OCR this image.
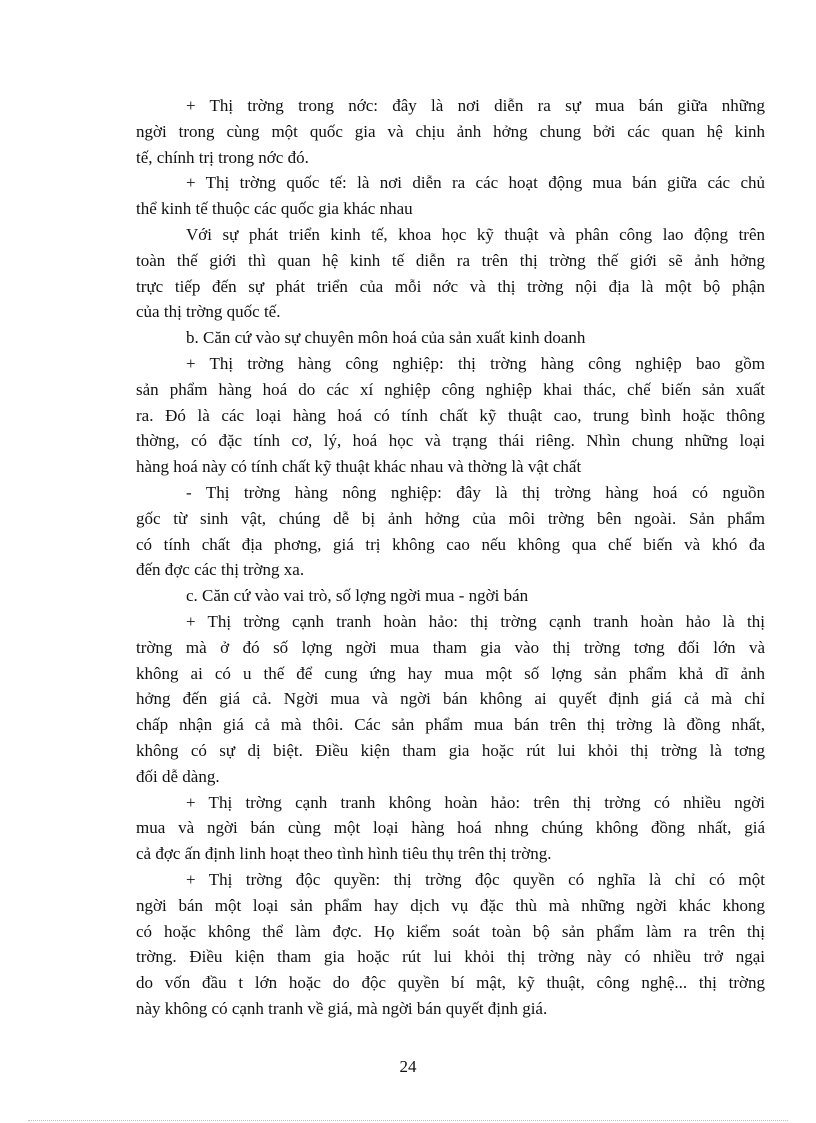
+ Thị trờng trong nớc: đây là nơi diễn ra sự mua bán giữa những
ngời trong cùng một quốc gia và chịu ảnh hởng chung bởi các quan hệ kinh
tế, chính trị trong nớc đó.
+ Thị trờng quốc tế: là nơi diễn ra các hoạt động mua bán giữa các chủ
thể kinh tế thuộc các quốc gia khác nhau
Với sự phát triển kinh tế, khoa học kỹ thuật và phân công lao động trên
toàn thế giới thì quan hệ kinh tế diễn ra trên thị trờng thế giới sẽ ảnh hởng
trực tiếp đến sự phát triển của mỗi nớc và thị trờng nội địa là một bộ phận
của thị trờng quốc tế.
b. Căn cứ vào sự chuyên môn hoá của sản xuất kinh doanh
+ Thị trờng hàng công nghiệp: thị trờng hàng công nghiệp bao gồm
sản phẩm hàng hoá do các xí nghiệp công nghiệp khai thác, chế biến sản xuất
ra. Đó là các loại hàng hoá có tính chất kỹ thuật cao, trung bình hoặc thông
thờng, có đặc tính cơ, lý, hoá học và trạng thái riêng. Nhìn chung những loại
hàng hoá này có tính chất kỹ thuật khác nhau và thờng là vật chất
- Thị trờng hàng nông nghiệp: đây là thị trờng hàng hoá có nguồn
gốc từ sinh vật, chúng dễ bị ảnh hởng của môi trờng bên ngoài. Sản phẩm
có tính chất địa phơng, giá trị không cao nếu không qua chế biến và khó đa
đến đợc các thị trờng xa.
c. Căn cứ vào vai trò, số lợng ngời mua - ngời bán
+ Thị trờng cạnh tranh hoàn hảo: thị trờng cạnh tranh hoàn hảo là thị
trờng mà ở đó số lợng ngời mua tham gia vào thị trờng tơng đối lớn và
không ai có u thế để cung ứng hay mua một số lợng sản phẩm khả dĩ ảnh
hởng đến giá cả. Ngời mua và ngời bán không ai quyết định giá cả mà chỉ
chấp nhận giá cả mà thôi. Các sản phẩm mua bán trên thị trờng là đồng nhất,
không có sự dị biệt. Điều kiện tham gia hoặc rút lui khỏi thị trờng là tơng
đối dễ dàng.
+ Thị trờng cạnh tranh không hoàn hảo: trên thị trờng có nhiều ngời
mua và ngời bán cùng một loại hàng hoá nhng chúng không đồng nhất, giá
cả đợc ấn định linh hoạt theo tình hình tiêu thụ trên thị trờng.
+ Thị trờng độc quyền: thị trờng độc quyền có nghĩa là chỉ có một
ngời bán một loại sản phẩm hay dịch vụ đặc thù mà những ngời khác khong
có hoặc không thể làm đợc. Họ kiểm soát toàn bộ sản phẩm làm ra trên thị
trờng. Điều kiện tham gia hoặc rút lui khỏi thị trờng này có nhiều trở ngại
do vốn đầu t lớn hoặc do độc quyền bí mật, kỹ thuật, công nghệ... thị trờng
này không có cạnh tranh về giá, mà ngời bán quyết định giá.
24
